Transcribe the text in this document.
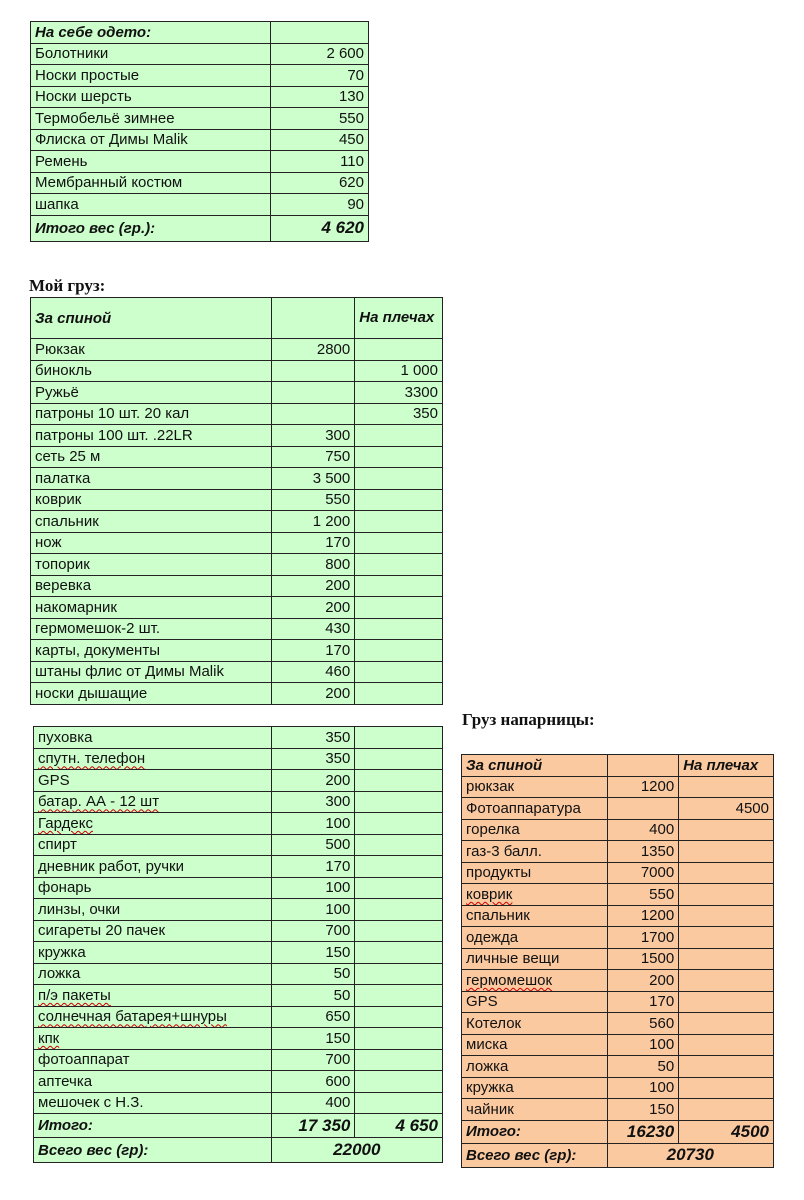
На себе одето:	
Болотники	2 600
Носки простые	70
Носки шерсть	130
Термобельё зимнее	550
Флиска от Димы Malik	450
Ремень	110
Мембранный костюм	620
шапка	90
Итого вес (гр.):	4 620
Мой груз:
За спиной		На плечах
Рюкзак	2800	
бинокль		1 000
Ружьё		3300
патроны 10 шт. 20 кал		350
патроны 100 шт. .22LR	300	
сеть 25 м	750	
палатка	3 500	
коврик	550	
спальник	1 200	
нож	170	
топорик	800	
веревка	200	
накомарник	200	
гермомешок-2 шт.	430	
карты, документы	170	
штаны флис от Димы Malik	460	
носки дышащие	200	
пуховка	350	
спутн. телефон	350	
GPS	200	
батар. АА - 12 шт	300	
Гардекс	100	
спирт	500	
дневник работ, ручки	170	
фонарь	100	
линзы, очки	100	
сигареты 20 пачек	700	
кружка	150	
ложка	50	
п/э пакеты	50	
солнечная батарея+шнуры	650	
кпк	150	
фотоаппарат	700	
аптечка	600	
мешочек с Н.З.	400	
Итого:	17 350	4 650
Всего вес (гр):	22000	
Груз напарницы:
За спиной		На плечах
рюкзак	1200	
Фотоаппаратура		4500
горелка	400	
газ-3 балл.	1350	
продукты	7000	
коврик	550	
спальник	1200	
одежда	1700	
личные вещи	1500	
гермомешок	200	
GPS	170	
Котелок	560	
миска	100	
ложка	50	
кружка	100	
чайник	150	
Итого:	16230	4500
Всего вес (гр):	20730	
